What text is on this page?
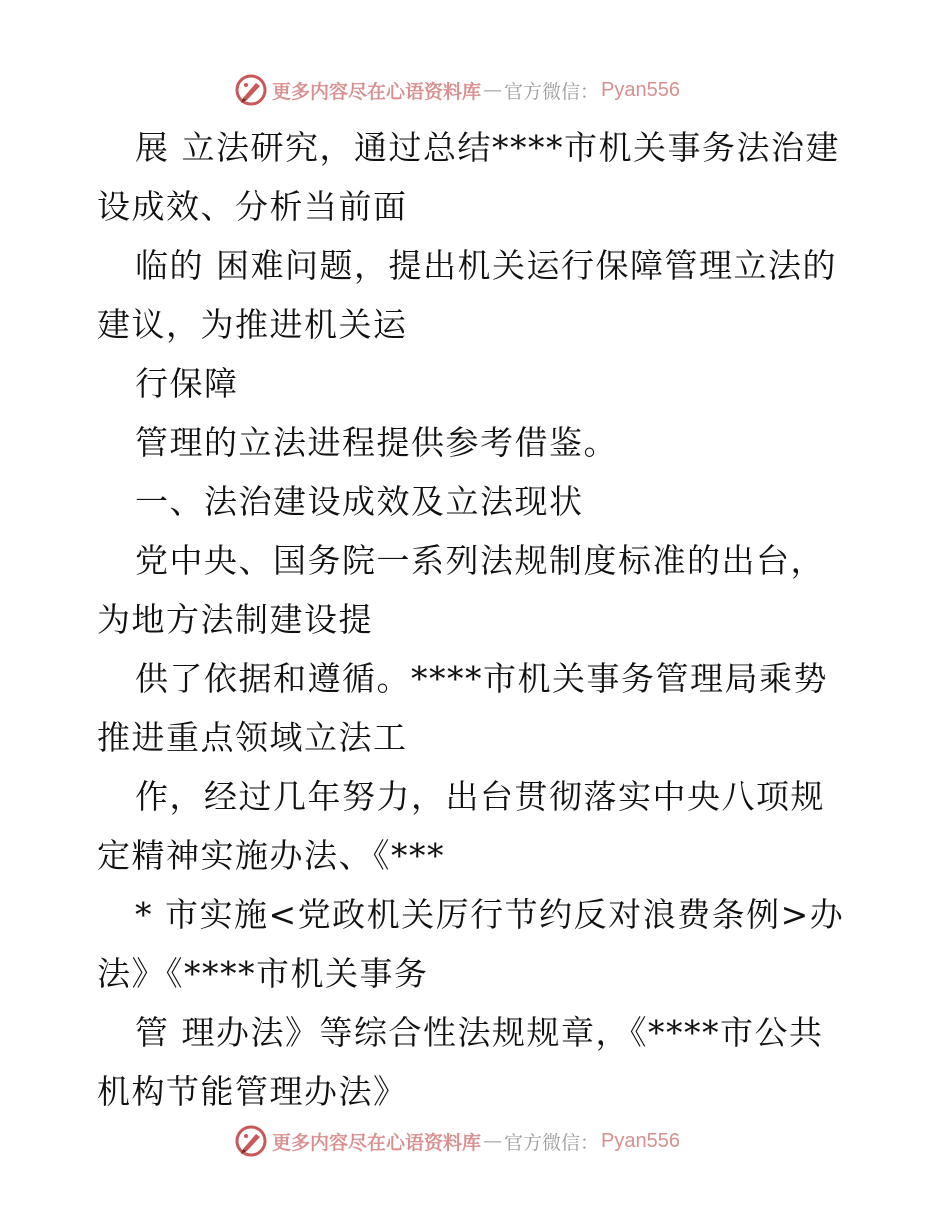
更多内容尽在心语资料库 — 官方微信： Pyan556

展 立法研究，通过总结****市机关事务法治建设成效、分析当前面

临的 困难问题，提出机关运行保障管理立法的建议，为推进机关运

行保障

管理的立法进程提供参考借鉴。

一、法治建设成效及立法现状

党中央、国务院一系列法规制度标准的出台，为地方法制建设提

供了依据和遵循。****市机关事务管理局乘势推进重点领域立法工

作，经过几年努力，出台贯彻落实中央八项规定精神实施办法、《***

* 市实施<党政机关厉行节约反对浪费条例>办法》《****市机关事务

管 理办法》等综合性法规规章，《****市公共机构节能管理办法》

更多内容尽在心语资料库 — 官方微信： Pyan556
